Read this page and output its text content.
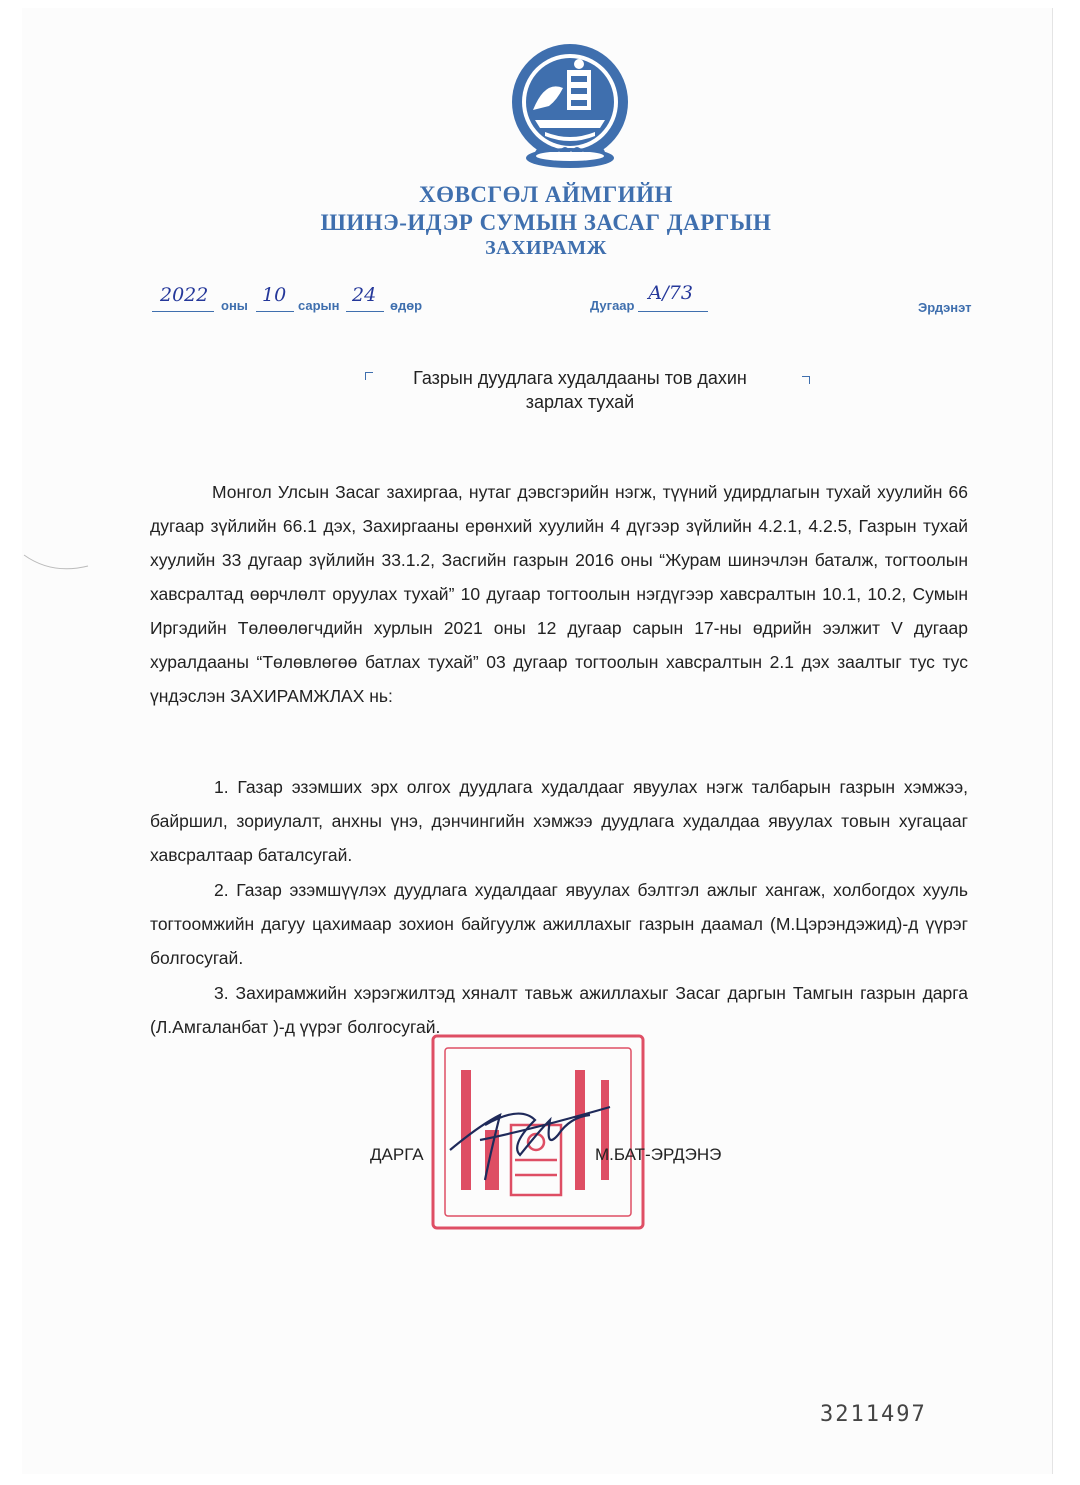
ХӨВСГӨЛ АЙМГИЙН
ШИНЭ-ИДЭР СУМЫН ЗАСАГ ДАРГЫН
ЗАХИРАМЖ
2022 оны 10 сарын 24 өдөр	Дугаар
А/73
Эрдэнэт
Газрын дуудлага худалдааны тов дахин
зарлах тухай
Монгол Улсын Засаг захиргаа, нутаг дэвсгэрийн нэгж, түүний удирдлагын тухай хуулийн 66 дугаар зүйлийн 66.1 дэх, Захиргааны ерөнхий хуулийн 4 дүгээр зүйлийн 4.2.1, 4.2.5, Газрын тухай хуулийн 33 дугаар зүйлийн 33.1.2, Засгийн газрын 2016 оны “Журам шинэчлэн баталж, тогтоолын хавсралтад өөрчлөлт оруулах тухай” 10 дугаар тогтоолын нэгдүгээр хавсралтын 10.1, 10.2, Сумын Иргэдийн Төлөөлөгчдийн хурлын 2021 оны 12 дугаар сарын 17-ны өдрийн ээлжит V дугаар хуралдааны “Төлөвлөгөө батлах тухай” 03 дугаар тогтоолын хавсралтын 2.1 дэх заалтыг тус тус үндэслэн ЗАХИРАМЖЛАХ нь:
1. Газар эзэмших эрх олгох дуудлага худалдааг явуулах нэгж талбарын газрын хэмжээ, байршил, зориулалт, анхны үнэ, дэнчингийн хэмжээ дуудлага худалдаа явуулах товын хугацааг хавсралтаар баталсугай.
2. Газар эзэмшүүлэх дуудлага худалдааг явуулах бэлтгэл ажлыг хангаж, холбогдох хууль тогтоомжийн дагуу цахимаар зохион байгуулж ажиллахыг газрын даамал (М.Цэрэндэжид)-д үүрэг болгосугай.
3. Захирамжийн хэрэгжилтэд хяналт тавьж ажиллахыг Засаг даргын Тамгын газрын дарга (Л.Амгаланбат )-д үүрэг болгосугай.
ДАРГА	М.БАТ-ЭРДЭНЭ
3211497
